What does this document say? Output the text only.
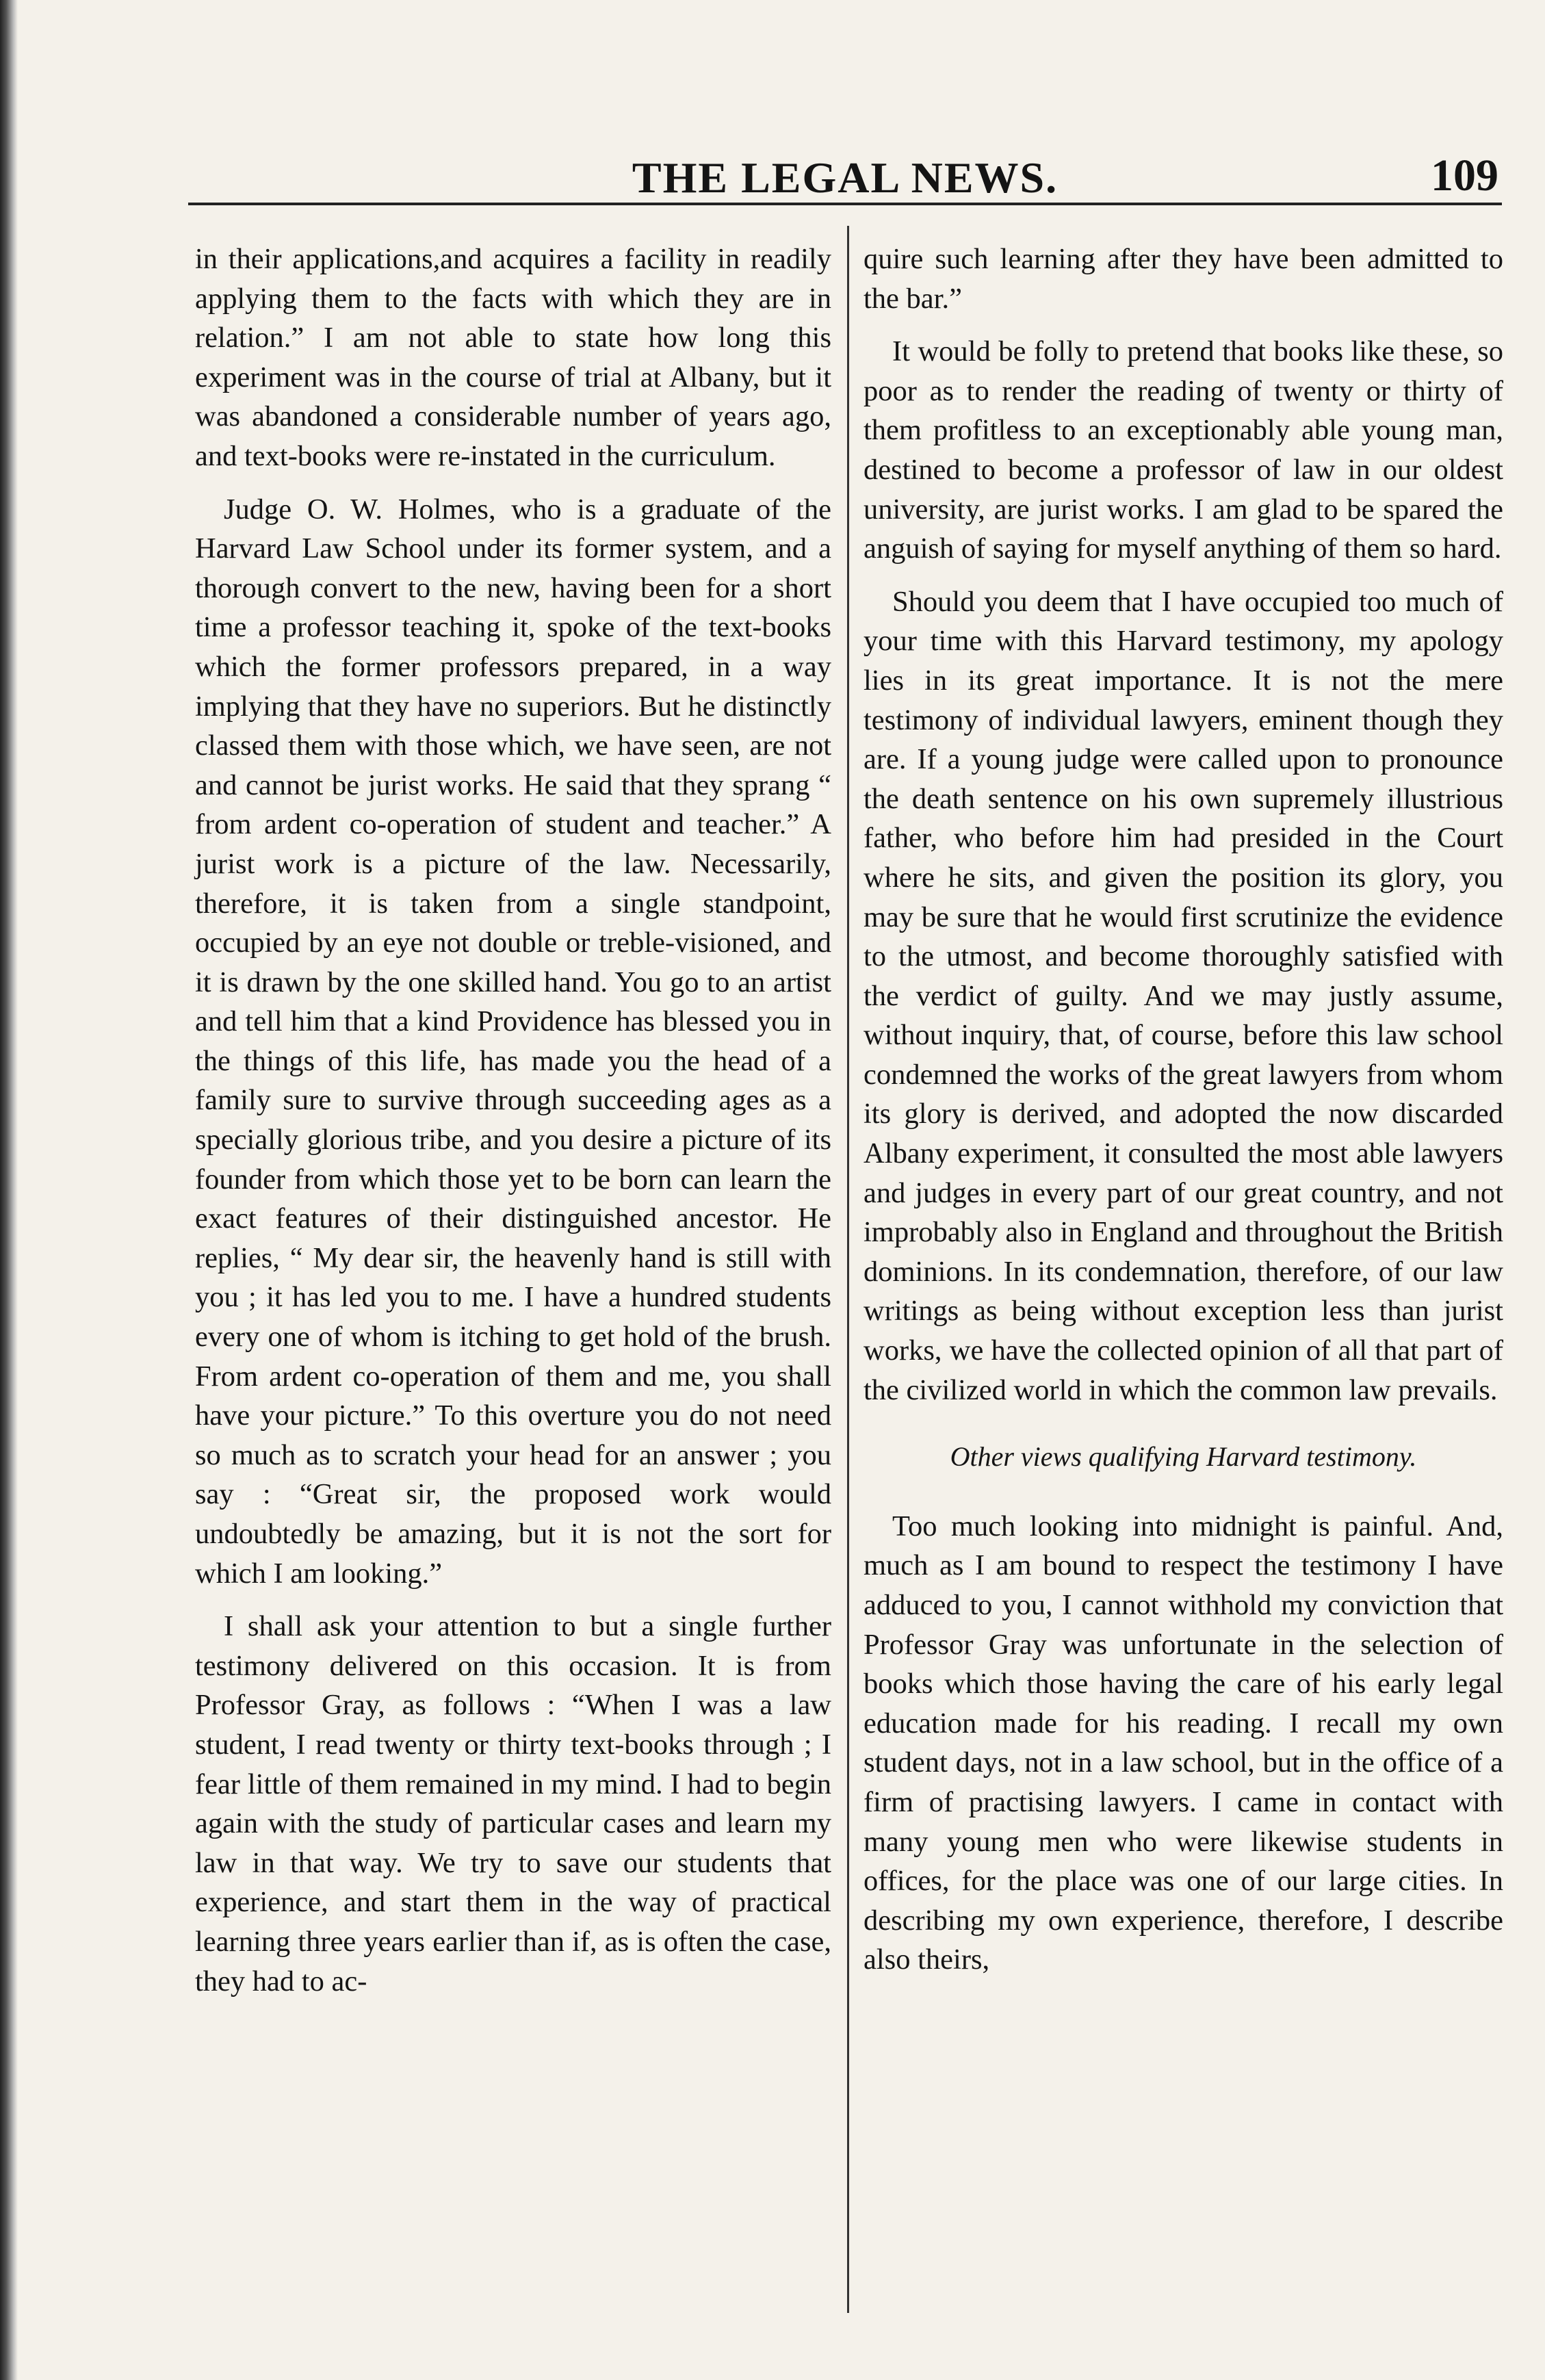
THE LEGAL NEWS.	109

in their applications,and acquires a facility in readily applying them to the facts with which they are in relation.” I am not able to state how long this experiment was in the course of trial at Albany, but it was abandoned a considerable number of years ago, and text-books were re-instated in the curriculum.

Judge O. W. Holmes, who is a graduate of the Harvard Law School under its former system, and a thorough convert to the new, having been for a short time a professor teaching it, spoke of the text-books which the former professors prepared, in a way implying that they have no superiors. But he distinctly classed them with those which, we have seen, are not and cannot be jurist works. He said that they sprang “ from ardent co-operation of student and teacher.” A jurist work is a picture of the law. Necessarily, therefore, it is taken from a single standpoint, occupied by an eye not double or treble-visioned, and it is drawn by the one skilled hand. You go to an artist and tell him that a kind Providence has blessed you in the things of this life, has made you the head of a family sure to survive through succeeding ages as a specially glorious tribe, and you desire a picture of its founder from which those yet to be born can learn the exact features of their distinguished ancestor. He replies, “ My dear sir, the heavenly hand is still with you ; it has led you to me. I have a hundred students every one of whom is itching to get hold of the brush. From ardent co-operation of them and me, you shall have your picture.” To this overture you do not need so much as to scratch your head for an answer ; you say : “Great sir, the proposed work would undoubtedly be amazing, but it is not the sort for which I am looking.”

I shall ask your attention to but a single further testimony delivered on this occasion. It is from Professor Gray, as follows : “When I was a law student, I read twenty or thirty text-books through ; I fear little of them remained in my mind. I had to begin again with the study of particular cases and learn my law in that way. We try to save our students that experience, and start them in the way of practical learning three years earlier than if, as is often the case, they had to ac-

quire such learning after they have been admitted to the bar.”

It would be folly to pretend that books like these, so poor as to render the reading of twenty or thirty of them profitless to an exceptionably able young man, destined to become a professor of law in our oldest university, are jurist works. I am glad to be spared the anguish of saying for myself anything of them so hard.

Should you deem that I have occupied too much of your time with this Harvard testimony, my apology lies in its great importance. It is not the mere testimony of individual lawyers, eminent though they are. If a young judge were called upon to pronounce the death sentence on his own supremely illustrious father, who before him had presided in the Court where he sits, and given the position its glory, you may be sure that he would first scrutinize the evidence to the utmost, and become thoroughly satisfied with the verdict of guilty. And we may justly assume, without inquiry, that, of course, before this law school condemned the works of the great lawyers from whom its glory is derived, and adopted the now discarded Albany experiment, it consulted the most able lawyers and judges in every part of our great country, and not improbably also in England and throughout the British dominions. In its condemnation, therefore, of our law writings as being without exception less than jurist works, we have the collected opinion of all that part of the civilized world in which the common law prevails.

Other views qualifying Harvard testimony.

Too much looking into midnight is painful. And, much as I am bound to respect the testimony I have adduced to you, I cannot withhold my conviction that Professor Gray was unfortunate in the selection of books which those having the care of his early legal education made for his reading. I recall my own student days, not in a law school, but in the office of a firm of practising lawyers. I came in contact with many young men who were likewise students in offices, for the place was one of our large cities. In describing my own experience, therefore, I describe also theirs,
